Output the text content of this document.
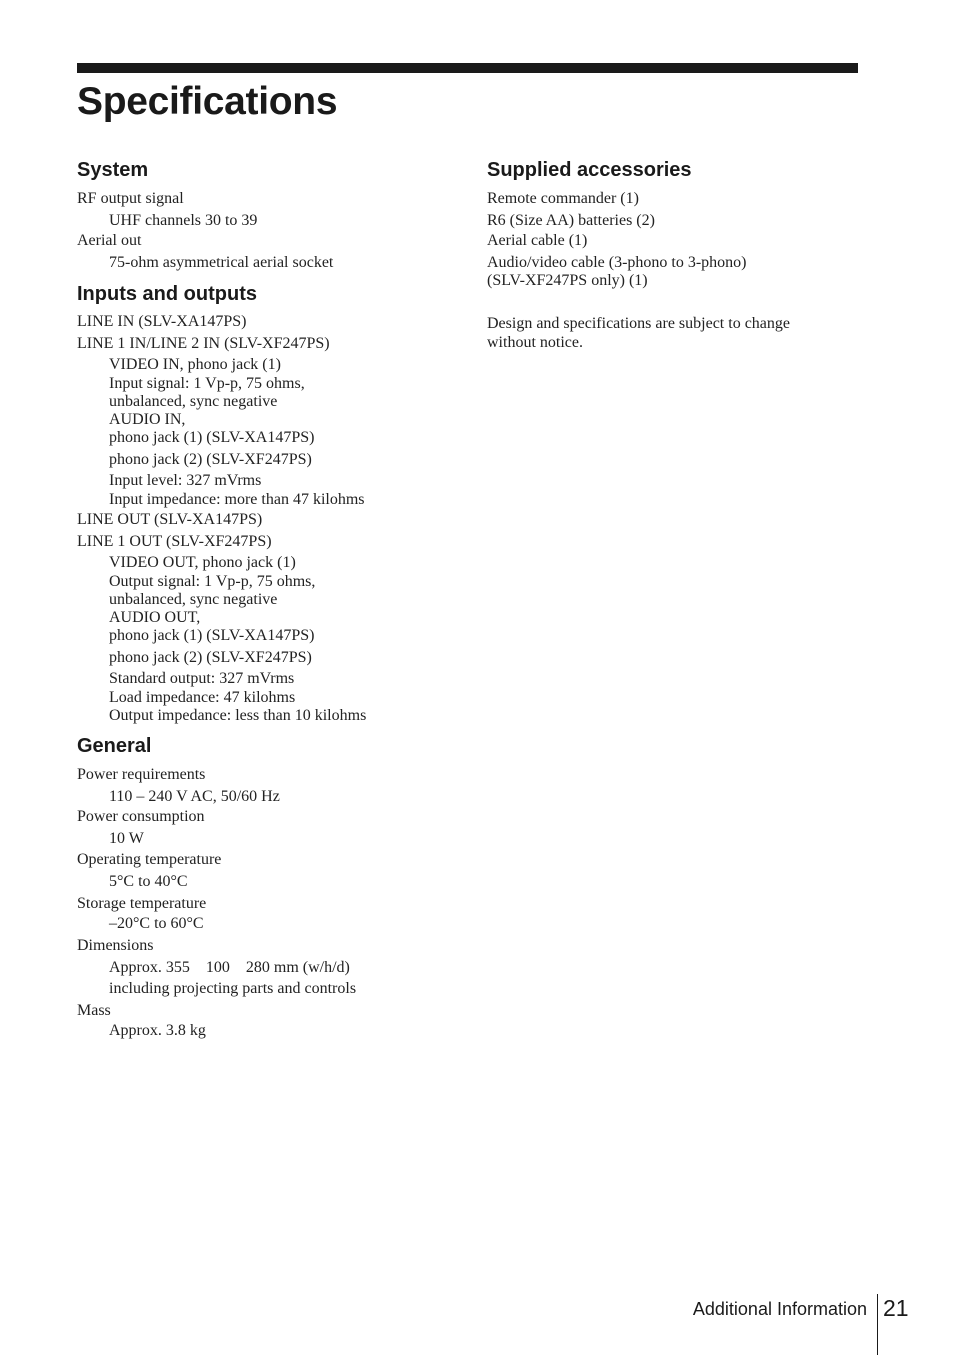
Specifications
System
RF output signal
UHF channels 30 to 39
Aerial out
75-ohm asymmetrical aerial socket
Inputs and outputs
LINE IN (SLV-XA147PS)
LINE 1 IN/LINE 2 IN (SLV-XF247PS)
VIDEO IN, phono jack (1)
Input signal: 1 Vp-p, 75 ohms,
unbalanced, sync negative
AUDIO IN,
phono jack (1) (SLV-XA147PS)
phono jack (2) (SLV-XF247PS)
Input level: 327 mVrms
Input impedance: more than 47 kilohms
LINE OUT (SLV-XA147PS)
LINE 1 OUT (SLV-XF247PS)
VIDEO OUT, phono jack (1)
Output signal: 1 Vp-p, 75 ohms,
unbalanced, sync negative
AUDIO OUT,
phono jack (1) (SLV-XA147PS)
phono jack (2) (SLV-XF247PS)
Standard output: 327 mVrms
Load impedance: 47 kilohms
Output impedance: less than 10 kilohms
General
Power requirements
110 – 240 V AC, 50/60 Hz
Power consumption
10 W
Operating temperature
5°C to 40°C
Storage temperature
–20°C to 60°C
Dimensions
Approx. 355    100    280 mm (w/h/d)
including projecting parts and controls
Mass
Approx. 3.8 kg
Supplied accessories
Remote commander (1)
R6 (Size AA) batteries (2)
Aerial cable (1)
Audio/video cable (3-phono to 3-phono)
(SLV-XF247PS only) (1)
Design and specifications are subject to change
without notice.
Additional Information 21
